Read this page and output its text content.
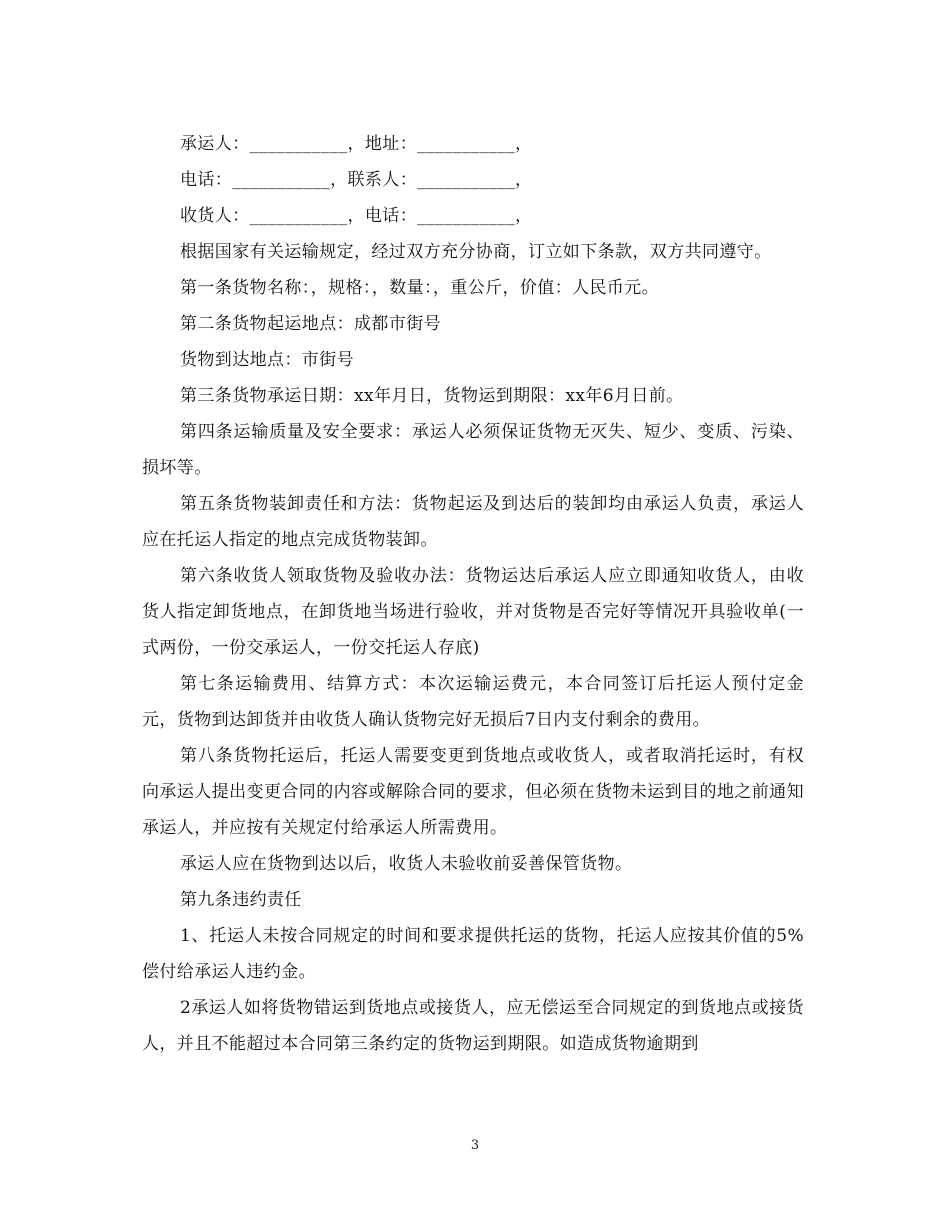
承运人：___________，地址：___________，

电话：___________，联系人：___________，

收货人：___________，电话：___________，

根据国家有关运输规定，经过双方充分协商，订立如下条款，双方共同遵守。

第一条货物名称：，规格：，数量：，重公斤，价值：人民币元。

第二条货物起运地点：成都市街号

货物到达地点：市街号

第三条货物承运日期：xx年月日，货物运到期限：xx年6月日前。

第四条运输质量及安全要求：承运人必须保证货物无灭失、短少、变质、污染、损坏等。

第五条货物装卸责任和方法：货物起运及到达后的装卸均由承运人负责，承运人应在托运人指定的地点完成货物装卸。

第六条收货人领取货物及验收办法：货物运达后承运人应立即通知收货人，由收货人指定卸货地点，在卸货地当场进行验收，并对货物是否完好等情况开具验收单(一式两份，一份交承运人，一份交托运人存底)

第七条运输费用、结算方式：本次运输运费元，本合同签订后托运人预付定金元，货物到达卸货并由收货人确认货物完好无损后7日内支付剩余的费用。

第八条货物托运后，托运人需要变更到货地点或收货人，或者取消托运时，有权向承运人提出变更合同的内容或解除合同的要求，但必须在货物未运到目的地之前通知承运人，并应按有关规定付给承运人所需费用。

承运人应在货物到达以后，收货人未验收前妥善保管货物。

第九条违约责任

1、托运人未按合同规定的时间和要求提供托运的货物，托运人应按其价值的5%偿付给承运人违约金。

2承运人如将货物错运到货地点或接货人，应无偿运至合同规定的到货地点或接货人，并且不能超过本合同第三条约定的货物运到期限。如造成货物逾期到

3
